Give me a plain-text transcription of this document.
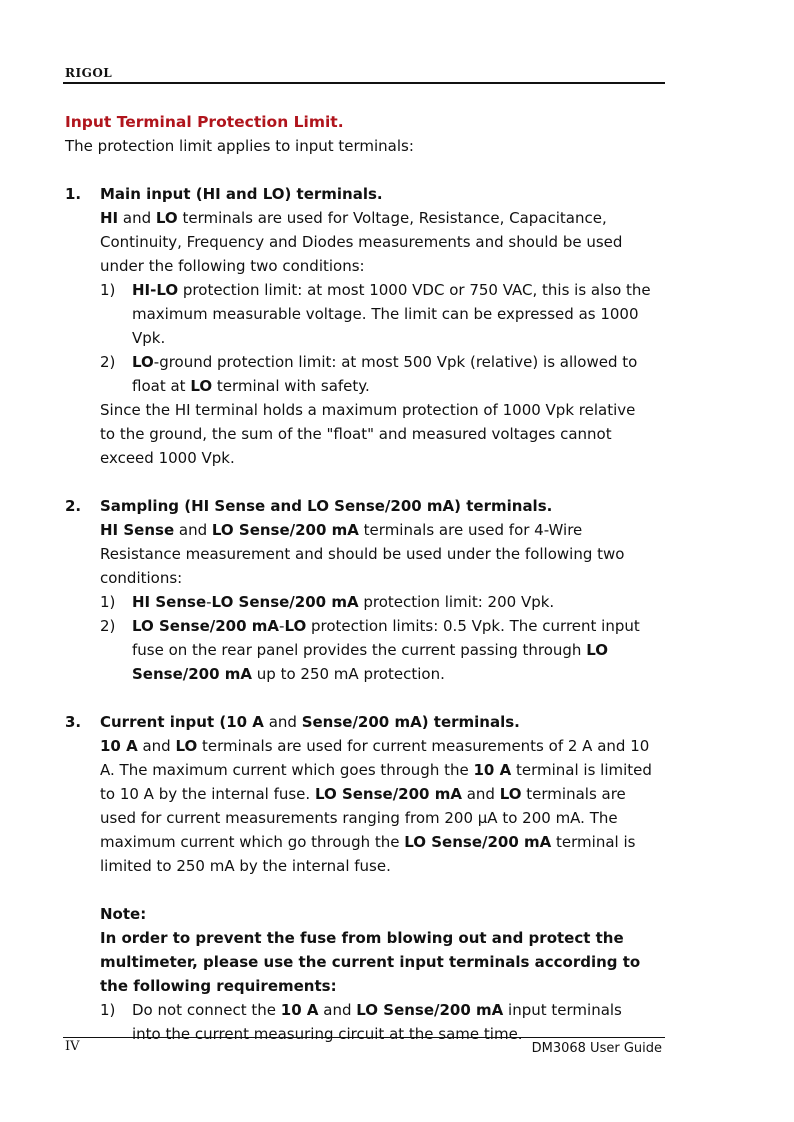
RIGOL

Input Terminal Protection Limit.

The protection limit applies to input terminals:

1. Main input (HI and LO) terminals.

HI and LO terminals are used for Voltage, Resistance, Capacitance, Continuity, Frequency and Diodes measurements and should be used under the following two conditions:

1) HI-LO protection limit: at most 1000 VDC or 750 VAC, this is also the maximum measurable voltage. The limit can be expressed as 1000 Vpk.

2) LO-ground protection limit: at most 500 Vpk (relative) is allowed to float at LO terminal with safety.

Since the HI terminal holds a maximum protection of 1000 Vpk relative to the ground, the sum of the "float" and measured voltages cannot exceed 1000 Vpk.

2. Sampling (HI Sense and LO Sense/200 mA) terminals.

HI Sense and LO Sense/200 mA terminals are used for 4-Wire Resistance measurement and should be used under the following two conditions:

1) HI Sense-LO Sense/200 mA protection limit: 200 Vpk.

2) LO Sense/200 mA-LO protection limits: 0.5 Vpk. The current input fuse on the rear panel provides the current passing through LO Sense/200 mA up to 250 mA protection.

3. Current input (10 A and Sense/200 mA) terminals.

10 A and LO terminals are used for current measurements of 2 A and 10 A. The maximum current which goes through the 10 A terminal is limited to 10 A by the internal fuse. LO Sense/200 mA and LO terminals are used for current measurements ranging from 200 μA to 200 mA. The maximum current which go through the LO Sense/200 mA terminal is limited to 250 mA by the internal fuse.

Note:

In order to prevent the fuse from blowing out and protect the multimeter, please use the current input terminals according to the following requirements:

1) Do not connect the 10 A and LO Sense/200 mA input terminals into the current measuring circuit at the same time.

IV	DM3068 User Guide
